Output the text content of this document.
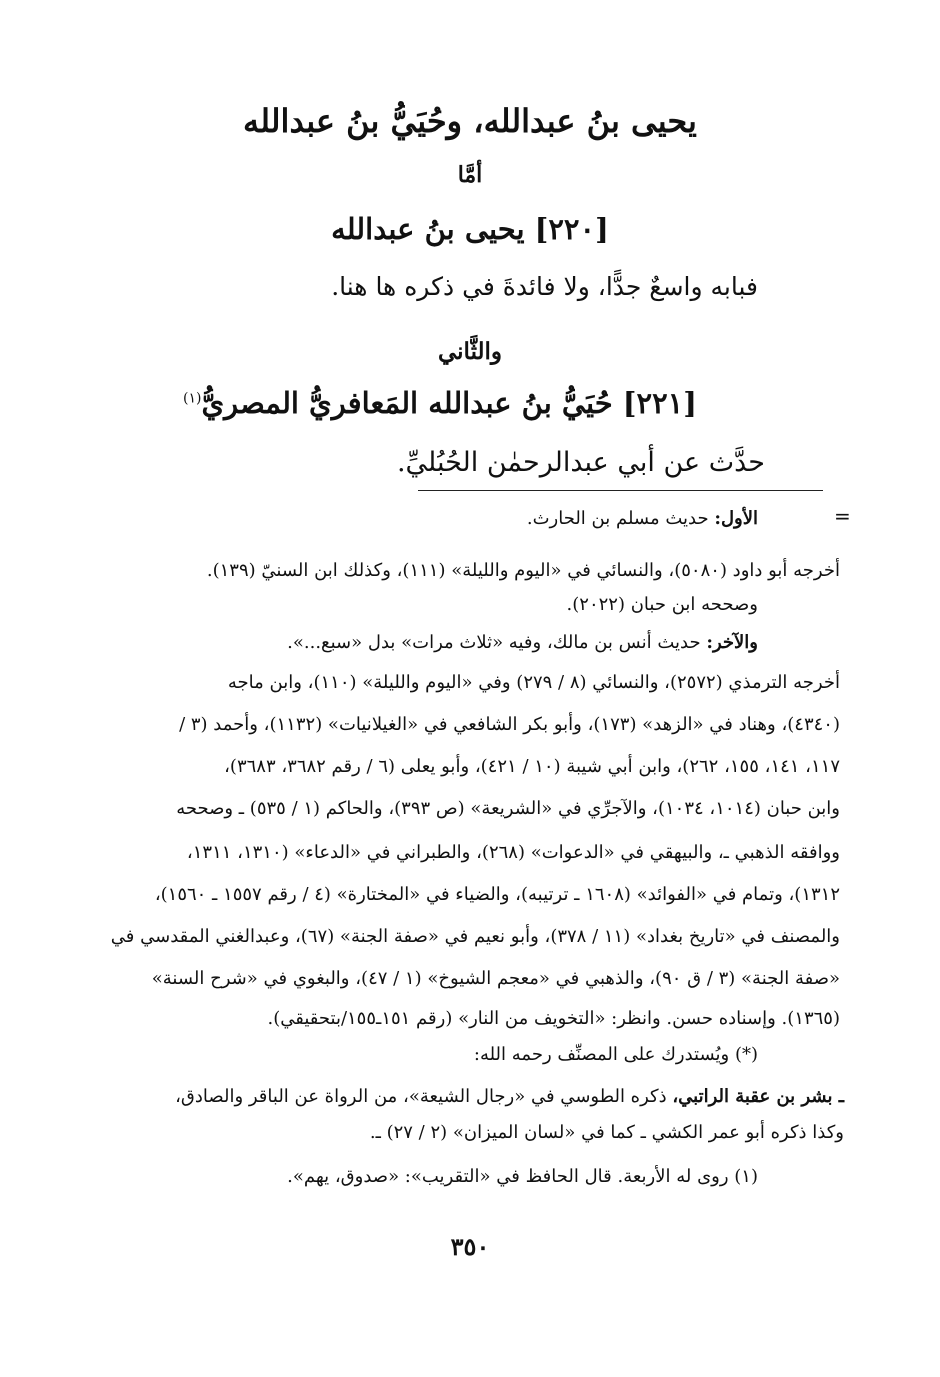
يحيى بنُ عبدالله، وحُيَيُّ بنُ عبدالله
أمَّا
[٢٢٠] يحيى بنُ عبدالله
فبابه واسعٌ جدًّا، ولا فائدةَ في ذكره ها هنا.
والثَّاني
[٢٢١] حُيَيُّ بنُ عبدالله المَعافريُّ المصريُّ$^{(١)}$
حدَّث عن أبي عبدالرحمٰن الحُبُليِّ.
=
الأول: حديث مسلم بن الحارث.
أخرجه أبو داود (٥٠٨٠)، والنسائي في «اليوم والليلة» (١١١)، وكذلك ابن السنيّ (١٣٩).
وصححه ابن حبان (٢٠٢٢).
والآخر: حديث أنس بن مالك، وفيه «ثلاث مرات» بدل «سبع...».
أخرجه الترمذي (٢٥٧٢)، والنسائي (٨ / ٢٧٩) وفي «اليوم والليلة» (١١٠)، وابن ماجه
(٤٣٤٠)، وهناد في «الزهد» (١٧٣)، وأبو بكر الشافعي في «الغيلانيات» (١١٣٢)، وأحمد (٣ /
١١٧، ١٤١، ١٥٥، ٢٦٢)، وابن أبي شيبة (١٠ / ٤٢١)، وأبو يعلى (٦ / رقم ٣٦٨٢، ٣٦٨٣)،
وابن حبان (١٠١٤، ١٠٣٤)، والآجرِّي في «الشريعة» (ص ٣٩٣)، والحاكم (١ / ٥٣٥) ـ وصححه
ووافقه الذهبي ـ، والبيهقي في «الدعوات» (٢٦٨)، والطبراني في «الدعاء» (١٣١٠، ١٣١١،
١٣١٢)، وتمام في «الفوائد» (١٦٠٨ ـ ترتيبه)، والضياء في «المختارة» (٤ / رقم ١٥٥٧ ـ ١٥٦٠)،
والمصنف في «تاريخ بغداد» (١١ / ٣٧٨)، وأبو نعيم في «صفة الجنة» (٦٧)، وعبدالغني المقدسي في
«صفة الجنة» (٣ / ق ٩٠)، والذهبي في «معجم الشيوخ» (١ / ٤٧)، والبغوي في «شرح السنة»
(١٣٦٥). وإسناده حسن. وانظر: «التخويف من النار» (رقم ١٥١ـ١٥٥/بتحقيقي).
(*) ويُستدرك على المصنِّف رحمه الله:
ـ بشر بن عقبة الراتبي، ذكره الطوسي في «رجال الشيعة»، من الرواة عن الباقر والصادق،
وكذا ذكره أبو عمر الكشي ـ كما في «لسان الميزان» (٢ / ٢٧) ـ.
(١) روى له الأربعة. قال الحافظ في «التقريب»: «صدوق، يهم».
٣٥٠
